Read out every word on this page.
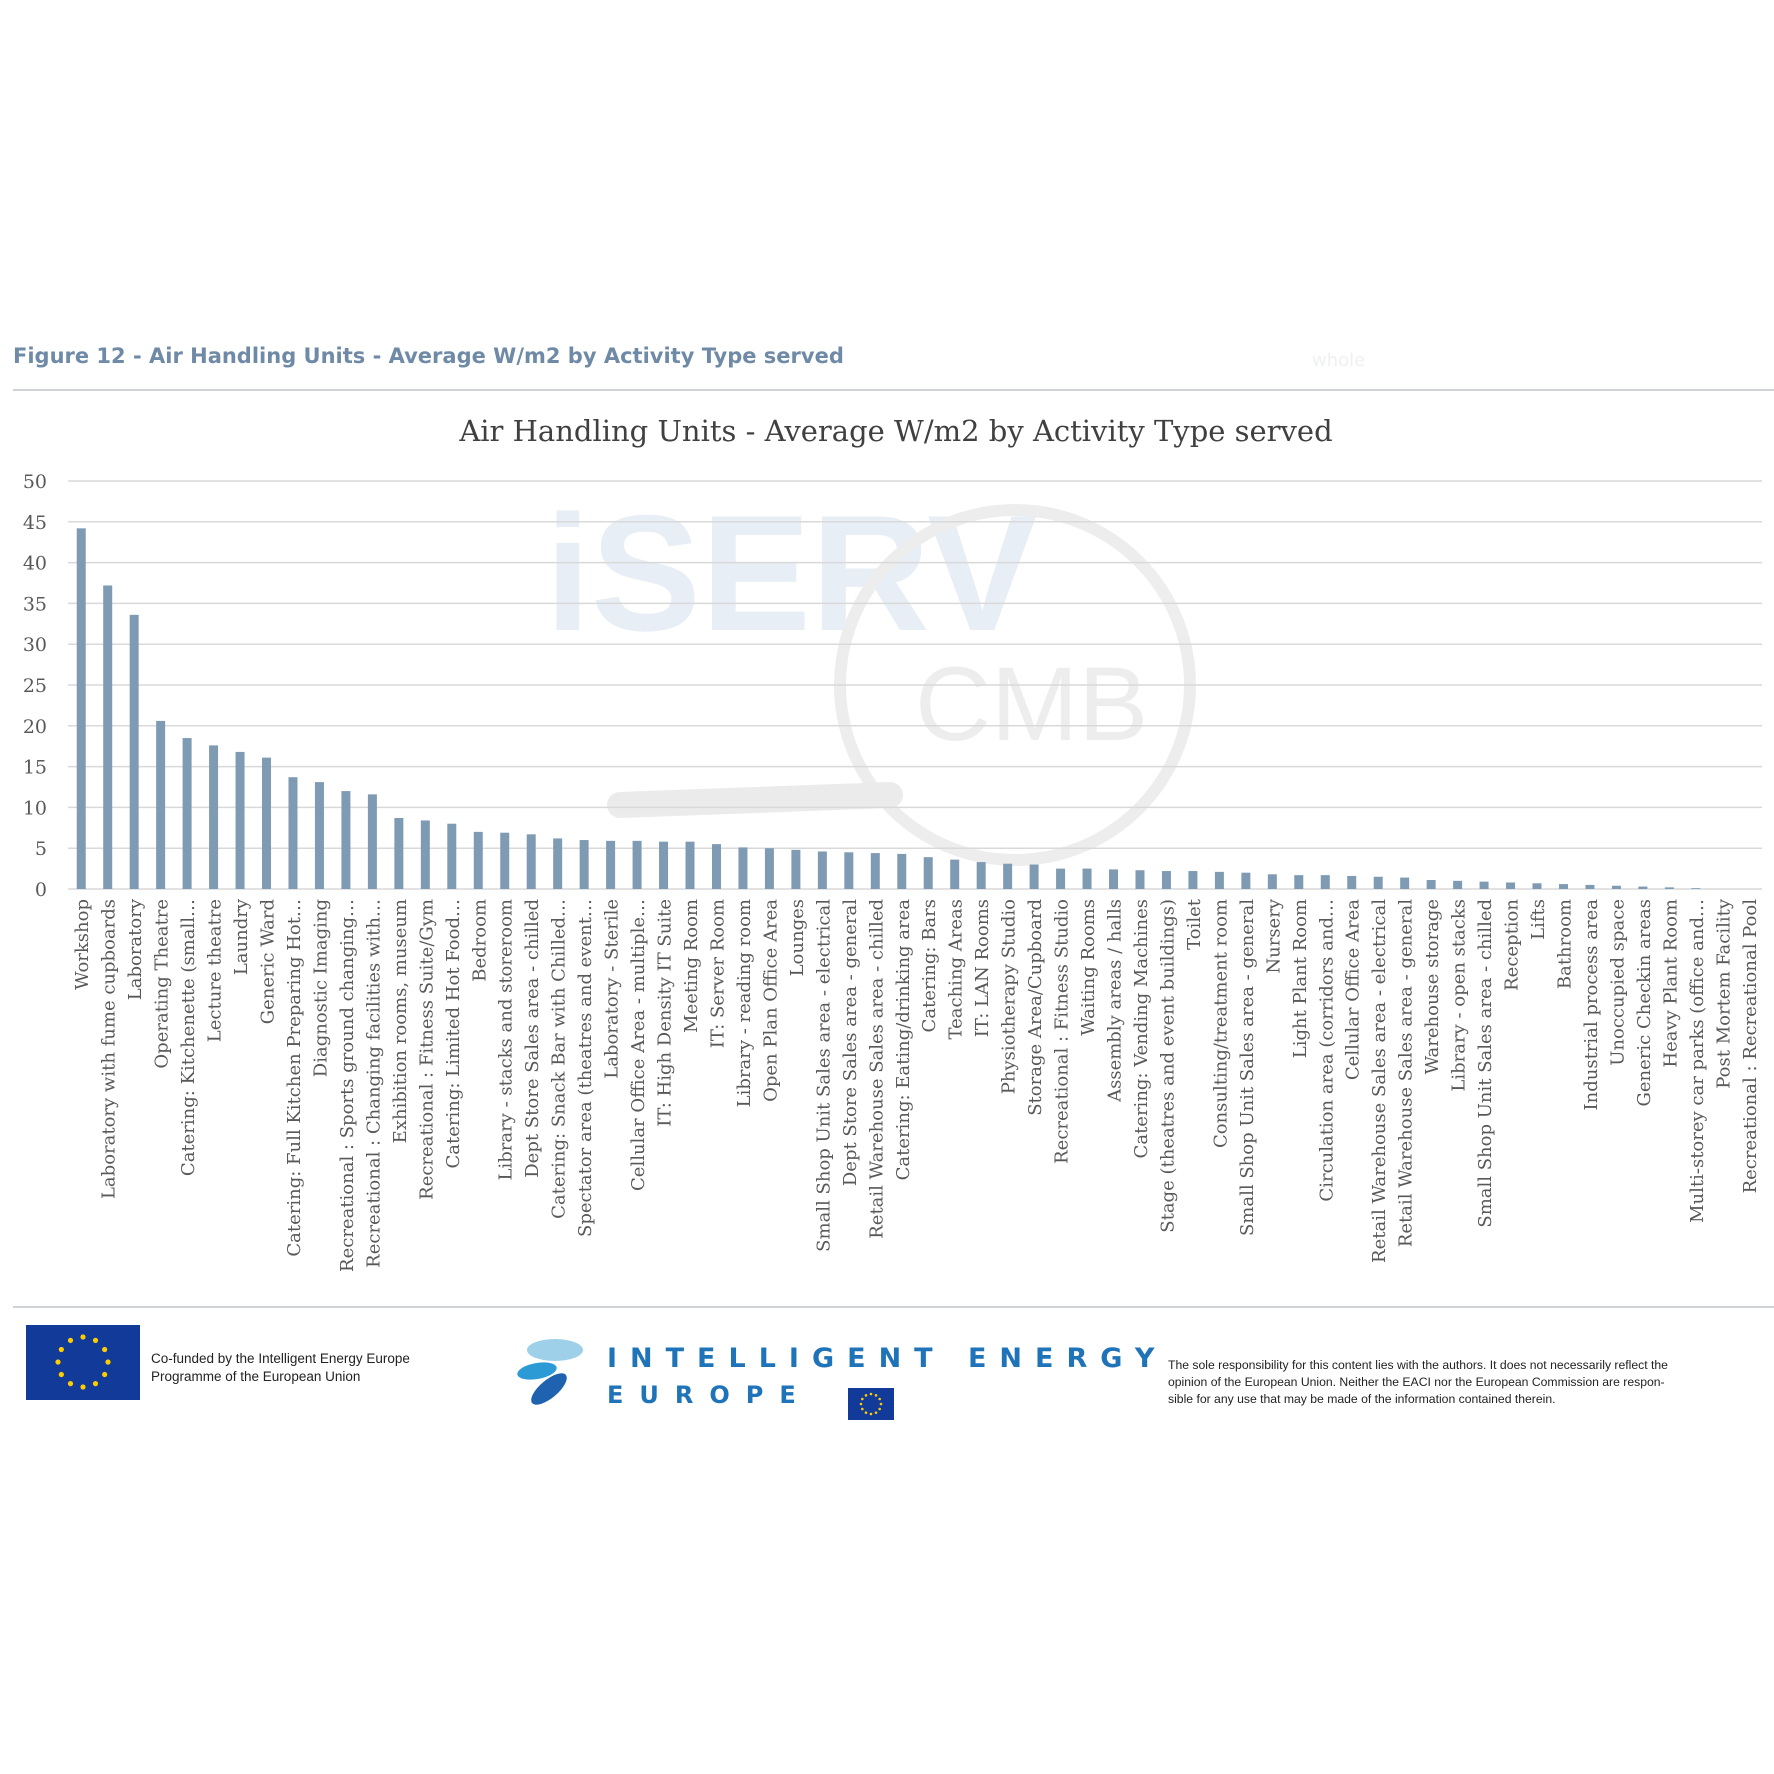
Figure 12 - Air Handling Units - Average W/m2 by Activity Type served	whole
iSERV
CMB
0
5
10
15
20
25
30
35
40
45
50
Workshop Laboratory with fume cupboards Laboratory Operating Theatre Catering: Kitchenette (small… Lecture theatre Laundry Generic Ward Catering: Full Kitchen Preparing Hot… Diagnostic Imaging Recreational : Sports ground changing… Recreational : Changing facilities with… Exhibition rooms, museum Recreational : Fitness Suite/Gym Catering: Limited Hot Food… Bedroom Library - stacks and storeroom Dept Store Sales area - chilled Catering: Snack Bar with Chilled… Spectator area (theatres and event… Laboratory - Sterile Cellular Office Area - multiple… IT: High Density IT Suite Meeting Room IT: Server Room Library - reading room Open Plan Office Area Lounges Small Shop Unit Sales area - electrical Dept Store Sales area - general Retail Warehouse Sales area - chilled Catering: Eating/drinking area Catering: Bars Teaching Areas IT: LAN Rooms Physiotherapy Studio Storage Area/Cupboard Recreational : Fitness Studio Waiting Rooms Assembly areas / halls Catering: Vending Machines Stage (theatres and event buildings) Toilet Consulting/treatment room Small Shop Unit Sales area - general Nursery Light Plant Room Circulation area (corridors and… Cellular Office Area Retail Warehouse Sales area - electrical Retail Warehouse Sales area - general Warehouse storage Library - open stacks Small Shop Unit Sales area - chilled Reception Lifts Bathroom Industrial process area Unoccupied space Generic Checkin areas Heavy Plant Room Multi-storey car parks (office and… Post Mortem Facility Recreational : Recreational Pool
Air Handling Units - Average W/m2 by Activity Type served
Co-funded by the Intelligent Energy Europe
Programme of the European Union
INTELLIGENT ENERGY
EUROPE
The sole responsibility for this content lies with the authors. It does not necessarily reflect the
opinion of the European Union. Neither the EACI nor the European Commission are respon-
sible for any use that may be made of the information contained therein.
